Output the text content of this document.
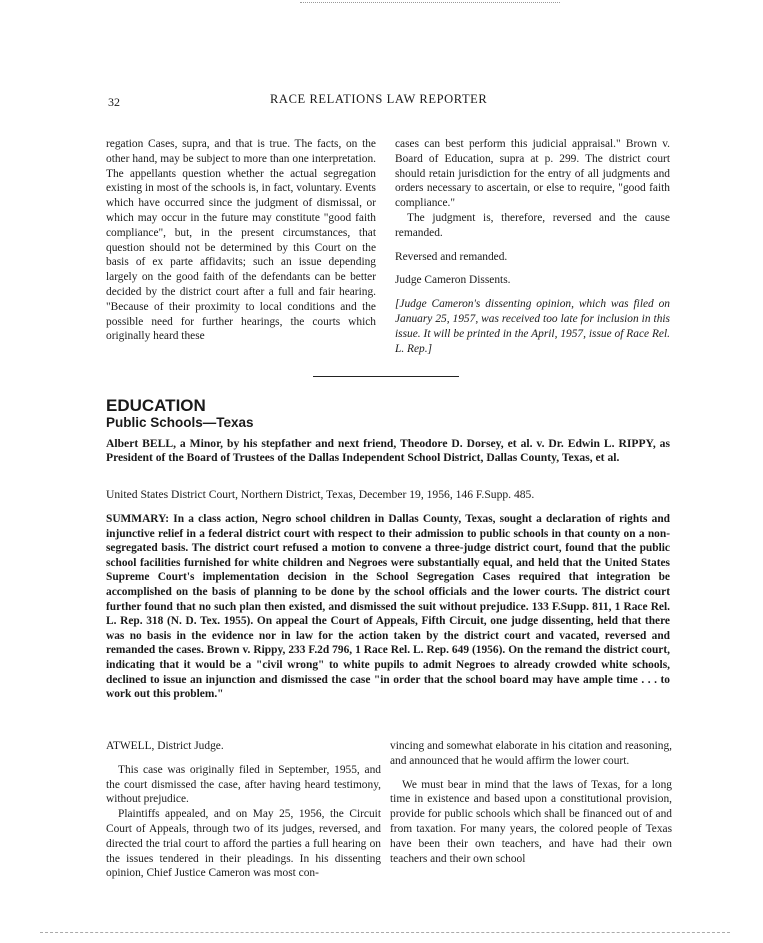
32	RACE RELATIONS LAW REPORTER

regation Cases, supra, and that is true. The facts, on the other hand, may be subject to more than one interpretation. The appellants question whether the actual segregation existing in most of the schools is, in fact, voluntary. Events which have occurred since the judgment of dismissal, or which may occur in the future may constitute "good faith compliance", but, in the present circumstances, that question should not be determined by this Court on the basis of ex parte affidavits; such an issue depending largely on the good faith of the defendants can be better decided by the district court after a full and fair hearing. "Because of their proximity to local conditions and the possible need for further hearings, the courts which originally heard these

cases can best perform this judicial appraisal." Brown v. Board of Education, supra at p. 299. The district court should retain jurisdiction for the entry of all judgments and orders necessary to ascertain, or else to require, "good faith compliance."

The judgment is, therefore, reversed and the cause remanded.

Reversed and remanded.

Judge Cameron Dissents.

[Judge Cameron's dissenting opinion, which was filed on January 25, 1957, was received too late for inclusion in this issue. It will be printed in the April, 1957, issue of Race Rel. L. Rep.]

EDUCATION
Public Schools—Texas
Albert BELL, a Minor, by his stepfather and next friend, Theodore D. Dorsey, et al. v. Dr. Edwin L. RIPPY, as President of the Board of Trustees of the Dallas Independent School District, Dallas County, Texas, et al.
United States District Court, Northern District, Texas, December 19, 1956, 146 F.Supp. 485.
SUMMARY: In a class action, Negro school children in Dallas County, Texas, sought a declaration of rights and injunctive relief in a federal district court with respect to their admission to public schools in that county on a non-segregated basis. The district court refused a motion to convene a three-judge district court, found that the public school facilities furnished for white children and Negroes were substantially equal, and held that the United States Supreme Court's implementation decision in the School Segregation Cases required that integration be accomplished on the basis of planning to be done by the school officials and the lower courts. The district court further found that no such plan then existed, and dismissed the suit without prejudice. 133 F.Supp. 811, 1 Race Rel. L. Rep. 318 (N. D. Tex. 1955). On appeal the Court of Appeals, Fifth Circuit, one judge dissenting, held that there was no basis in the evidence nor in law for the action taken by the district court and vacated, reversed and remanded the cases. Brown v. Rippy, 233 F.2d 796, 1 Race Rel. L. Rep. 649 (1956). On the remand the district court, indicating that it would be a "civil wrong" to white pupils to admit Negroes to already crowded white schools, declined to issue an injunction and dismissed the case "in order that the school board may have ample time . . . to work out this problem."

ATWELL, District Judge.

This case was originally filed in September, 1955, and the court dismissed the case, after having heard testimony, without prejudice.

Plaintiffs appealed, and on May 25, 1956, the Circuit Court of Appeals, through two of its judges, reversed, and directed the trial court to afford the parties a full hearing on the issues tendered in their pleadings. In his dissenting opinion, Chief Justice Cameron was most con-

vincing and somewhat elaborate in his citation and reasoning, and announced that he would affirm the lower court.

We must bear in mind that the laws of Texas, for a long time in existence and based upon a constitutional provision, provide for public schools which shall be financed out of and from taxation. For many years, the colored people of Texas have been their own teachers, and have had their own teachers and their own school
